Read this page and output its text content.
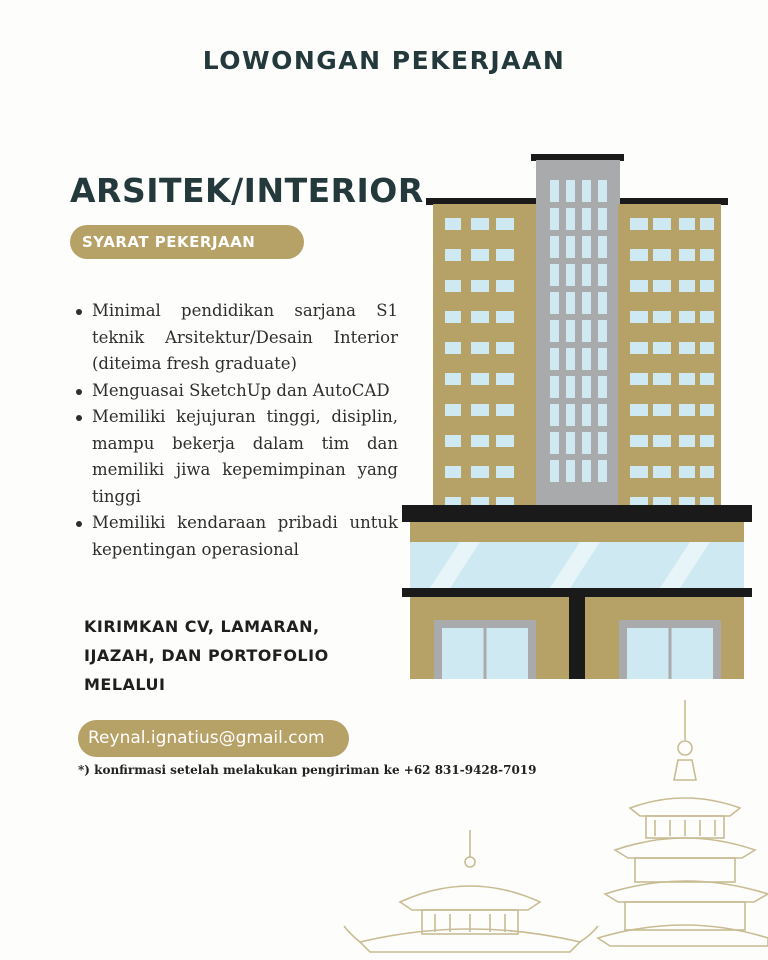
LOWONGAN PEKERJAAN
ARSITEK/INTERIOR
SYARAT PEKERJAAN
Minimal pendidikan sarjana S1 teknik Arsitektur/Desain Interior (diteima fresh graduate)
Menguasai SketchUp dan AutoCAD
Memiliki kejujuran tinggi, disiplin, mampu bekerja dalam tim dan memiliki jiwa kepemimpinan yang tinggi
Memiliki kendaraan pribadi untuk kepentingan operasional
KIRIMKAN CV, LAMARAN,
IJAZAH, DAN PORTOFOLIO
MELALUI
Reynal.ignatius@gmail.com
*) konfirmasi setelah melakukan pengiriman ke +62 831-9428-7019
